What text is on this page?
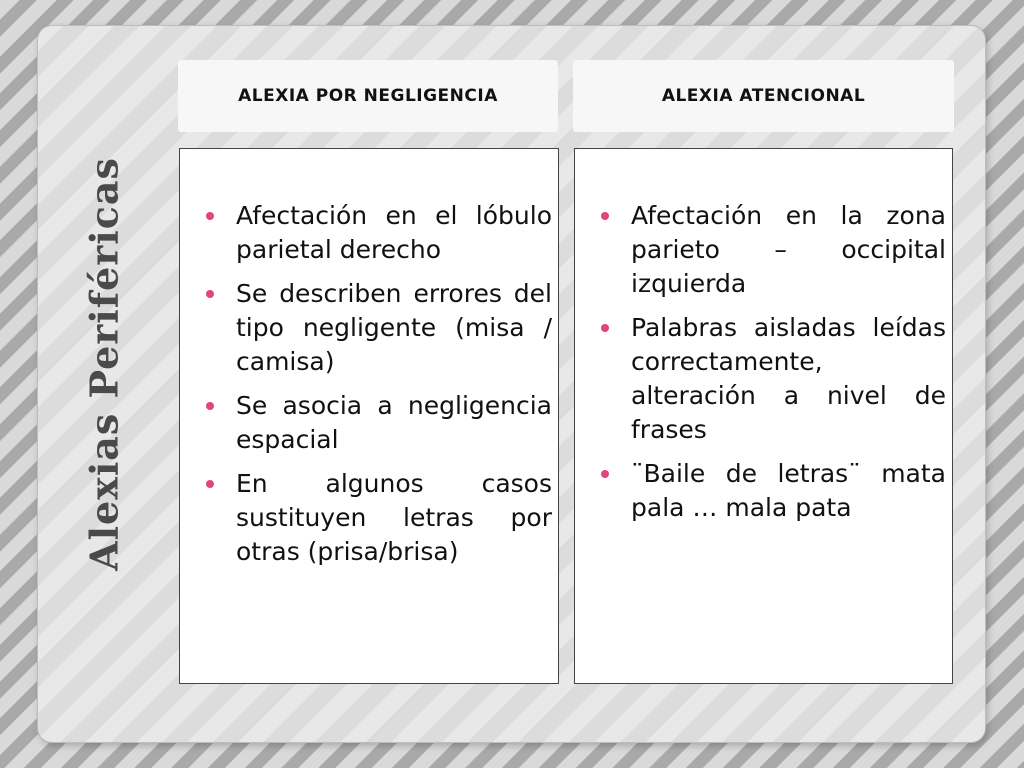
Alexias Periféricas
ALEXIA POR NEGLIGENCIA	ALEXIA ATENCIONAL
Afectación en el lóbulo parietal derecho
Se describen errores del tipo negligente (misa / camisa)
Se asocia a negligencia espacial
En algunos casos sustituyen letras por otras (prisa/brisa)
Afectación en la zona parieto – occipital izquierda
Palabras aisladas leídas correctamente, alteración a nivel de frases
¨Baile de letras¨ mata pala … mala pata
